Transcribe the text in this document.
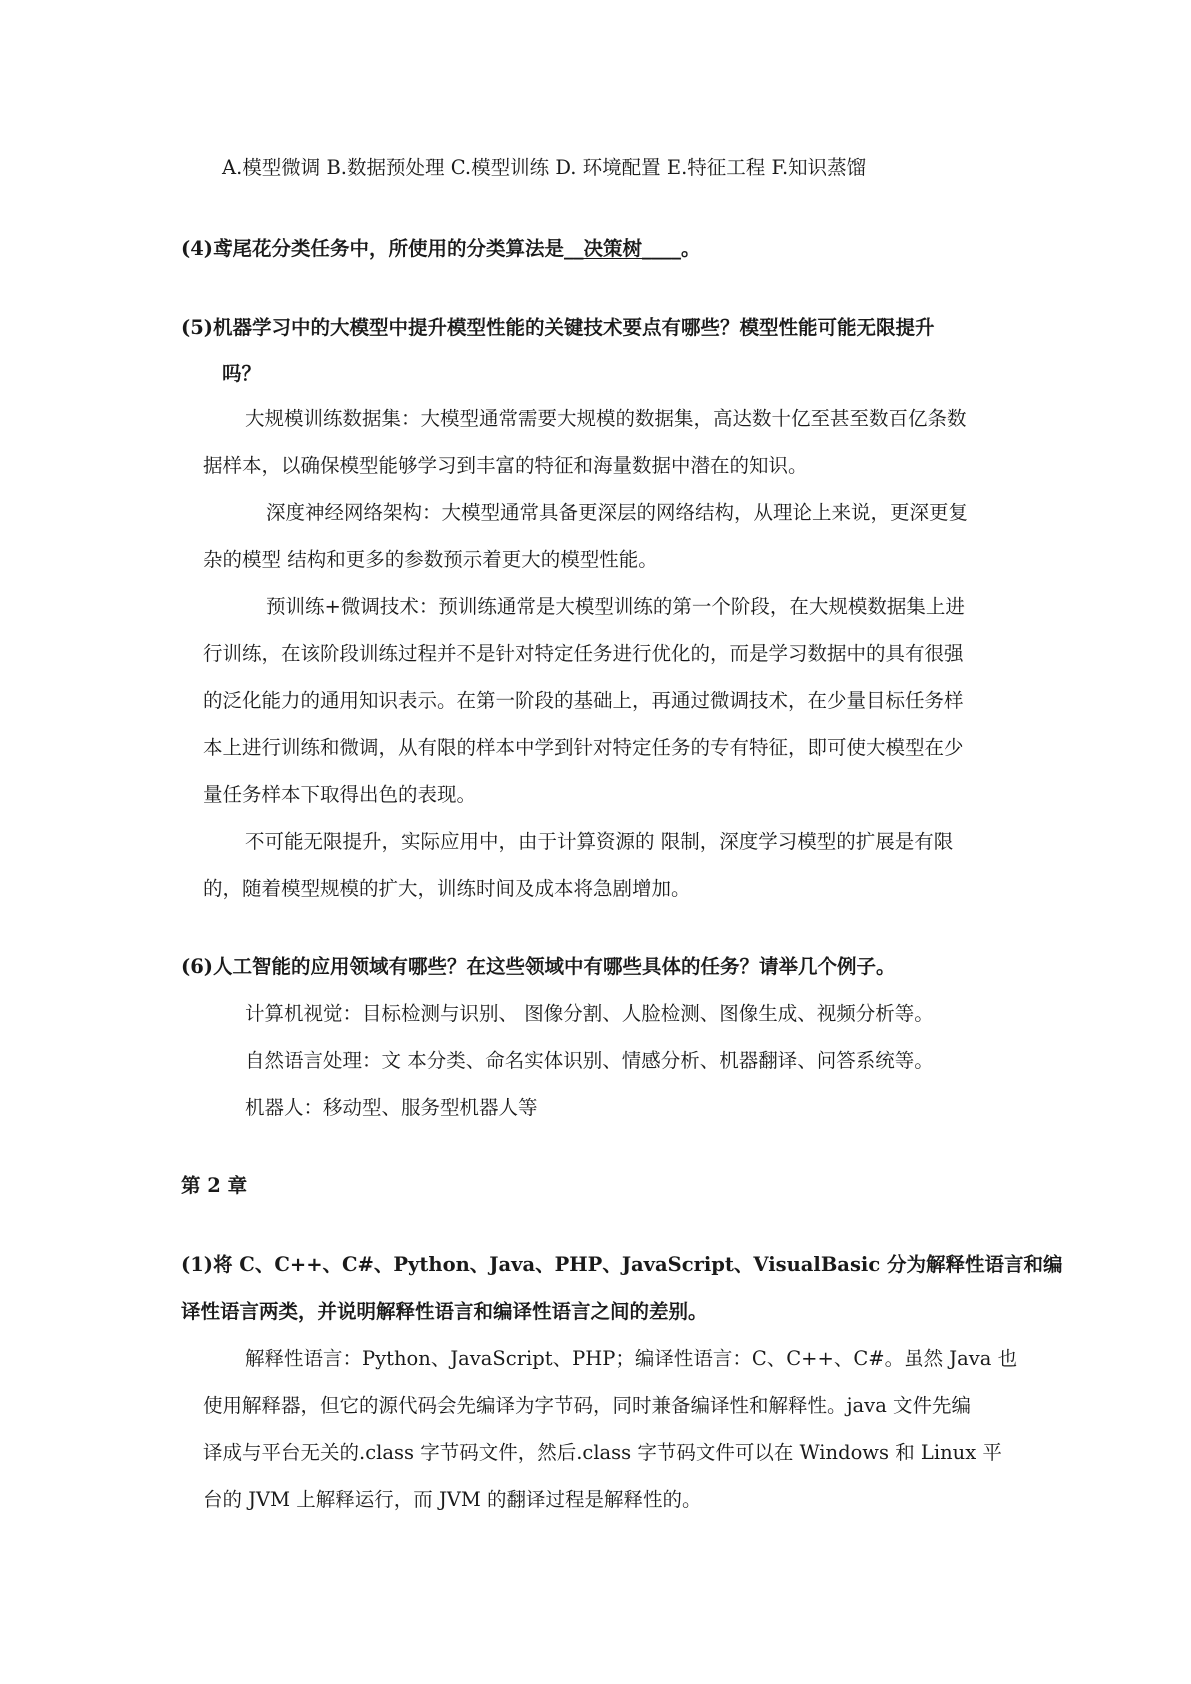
A.模型微调 B.数据预处理 C.模型训练 D. 环境配置 E.特征工程 F.知识蒸馏
(4)鸢尾花分类任务中，所使用的分类算法是__决策树____。
(5)机器学习中的大模型中提升模型性能的关键技术要点有哪些？模型性能可能无限提升
吗？
大规模训练数据集：大模型通常需要大规模的数据集，高达数十亿至甚至数百亿条数
据样本，以确保模型能够学习到丰富的特征和海量数据中潜在的知识。
深度神经网络架构：大模型通常具备更深层的网络结构，从理论上来说，更深更复
杂的模型 结构和更多的参数预示着更大的模型性能。
预训练+微调技术：预训练通常是大模型训练的第一个阶段，在大规模数据集上进
行训练，在该阶段训练过程并不是针对特定任务进行优化的，而是学习数据中的具有很强
的泛化能力的通用知识表示。在第一阶段的基础上，再通过微调技术，在少量目标任务样
本上进行训练和微调，从有限的样本中学到针对特定任务的专有特征，即可使大模型在少
量任务样本下取得出色的表现。
不可能无限提升，实际应用中，由于计算资源的 限制，深度学习模型的扩展是有限
的，随着模型规模的扩大，训练时间及成本将急剧增加。
(6)人工智能的应用领域有哪些？在这些领域中有哪些具体的任务？请举几个例子。
计算机视觉：目标检测与识别、 图像分割、人脸检测、图像生成、视频分析等。
自然语言处理：文 本分类、命名实体识别、情感分析、机器翻译、问答系统等。
机器人：移动型、服务型机器人等
第 2 章
(1)将 C、C++、C#、Python、Java、PHP、JavaScript、VisualBasic 分为解释性语言和编
译性语言两类，并说明解释性语言和编译性语言之间的差别。
解释性语言：Python、JavaScript、PHP；编译性语言：C、C++、C#。虽然 Java 也
使用解释器，但它的源代码会先编译为字节码，同时兼备编译性和解释性。java 文件先编
译成与平台无关的.class 字节码文件，然后.class 字节码文件可以在 Windows 和 Linux 平
台的 JVM 上解释运行，而 JVM 的翻译过程是解释性的。
